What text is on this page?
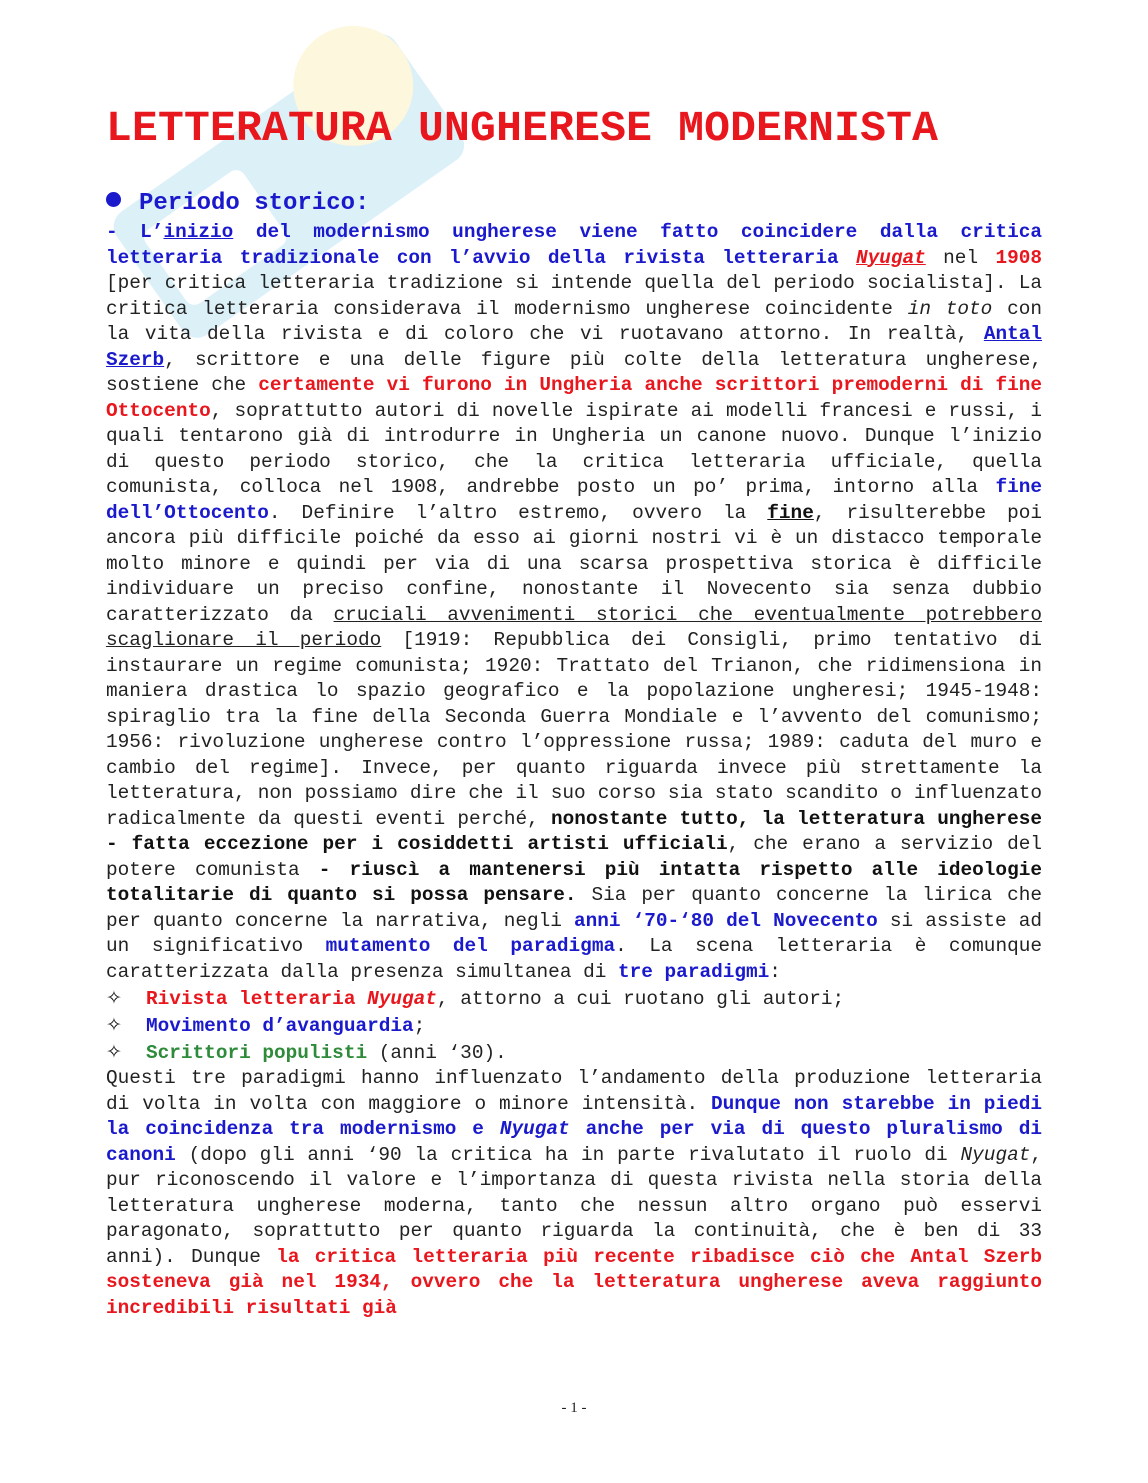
LETTERATURA UNGHERESE MODERNISTA
Periodo storico:

- L’inizio del modernismo ungherese viene fatto coincidere dalla critica letteraria tradizionale con l’avvio della rivista letteraria Nyugat nel 1908 [per critica letteraria tradizione si intende quella del periodo socialista]. La critica letteraria considerava il modernismo ungherese coincidente in toto con la vita della rivista e di coloro che vi ruotavano attorno. In realtà, Antal Szerb, scrittore e una delle figure più colte della letteratura ungherese, sostiene che certamente vi furono in Ungheria anche scrittori premoderni di fine Ottocento, soprattutto autori di novelle ispirate ai modelli francesi e russi, i quali tentarono già di introdurre in Ungheria un canone nuovo. Dunque l’inizio di questo periodo storico, che la critica letteraria ufficiale, quella comunista, colloca nel 1908, andrebbe posto un po’ prima, intorno alla fine dell’Ottocento. Definire l’altro estremo, ovvero la fine, risulterebbe poi ancora più difficile poiché da esso ai giorni nostri vi è un distacco temporale molto minore e quindi per via di una scarsa prospettiva storica è difficile individuare un preciso confine, nonostante il Novecento sia senza dubbio caratterizzato da cruciali avvenimenti storici che eventualmente potrebbero scaglionare il periodo [1919: Repubblica dei Consigli, primo tentativo di instaurare un regime comunista; 1920: Trattato del Trianon, che ridimensiona in maniera drastica lo spazio geografico e la popolazione ungheresi; 1945-1948: spiraglio tra la fine della Seconda Guerra Mondiale e l’avvento del comunismo; 1956: rivoluzione ungherese contro l’oppressione russa; 1989: caduta del muro e cambio del regime]. Invece, per quanto riguarda invece più strettamente la letteratura, non possiamo dire che il suo corso sia stato scandito o influenzato radicalmente da questi eventi perché, nonostante tutto, la letteratura ungherese - fatta eccezione per i cosiddetti artisti ufficiali, che erano a servizio del potere comunista - riuscì a mantenersi più intatta rispetto alle ideologie totalitarie di quanto si possa pensare. Sia per quanto concerne la lirica che per quanto concerne la narrativa, negli anni ‘70-‘80 del Novecento si assiste ad un significativo mutamento del paradigma. La scena letteraria è comunque caratterizzata dalla presenza simultanea di tre paradigmi:

✧ Rivista letteraria Nyugat, attorno a cui ruotano gli autori;
✧ Movimento d’avanguardia;
✧ Scrittori populisti (anni ‘30).

Questi tre paradigmi hanno influenzato l’andamento della produzione letteraria di volta in volta con maggiore o minore intensità. Dunque non starebbe in piedi la coincidenza tra modernismo e Nyugat anche per via di questo pluralismo di canoni (dopo gli anni ‘90 la critica ha in parte rivalutato il ruolo di Nyugat, pur riconoscendo il valore e l’importanza di questa rivista nella storia della letteratura ungherese moderna, tanto che nessun altro organo può esservi paragonato, soprattutto per quanto riguarda la continuità, che è ben di 33 anni). Dunque la critica letteraria più recente ribadisce ciò che Antal Szerb sosteneva già nel 1934, ovvero che la letteratura ungherese aveva raggiunto incredibili risultati già

- 1 -
